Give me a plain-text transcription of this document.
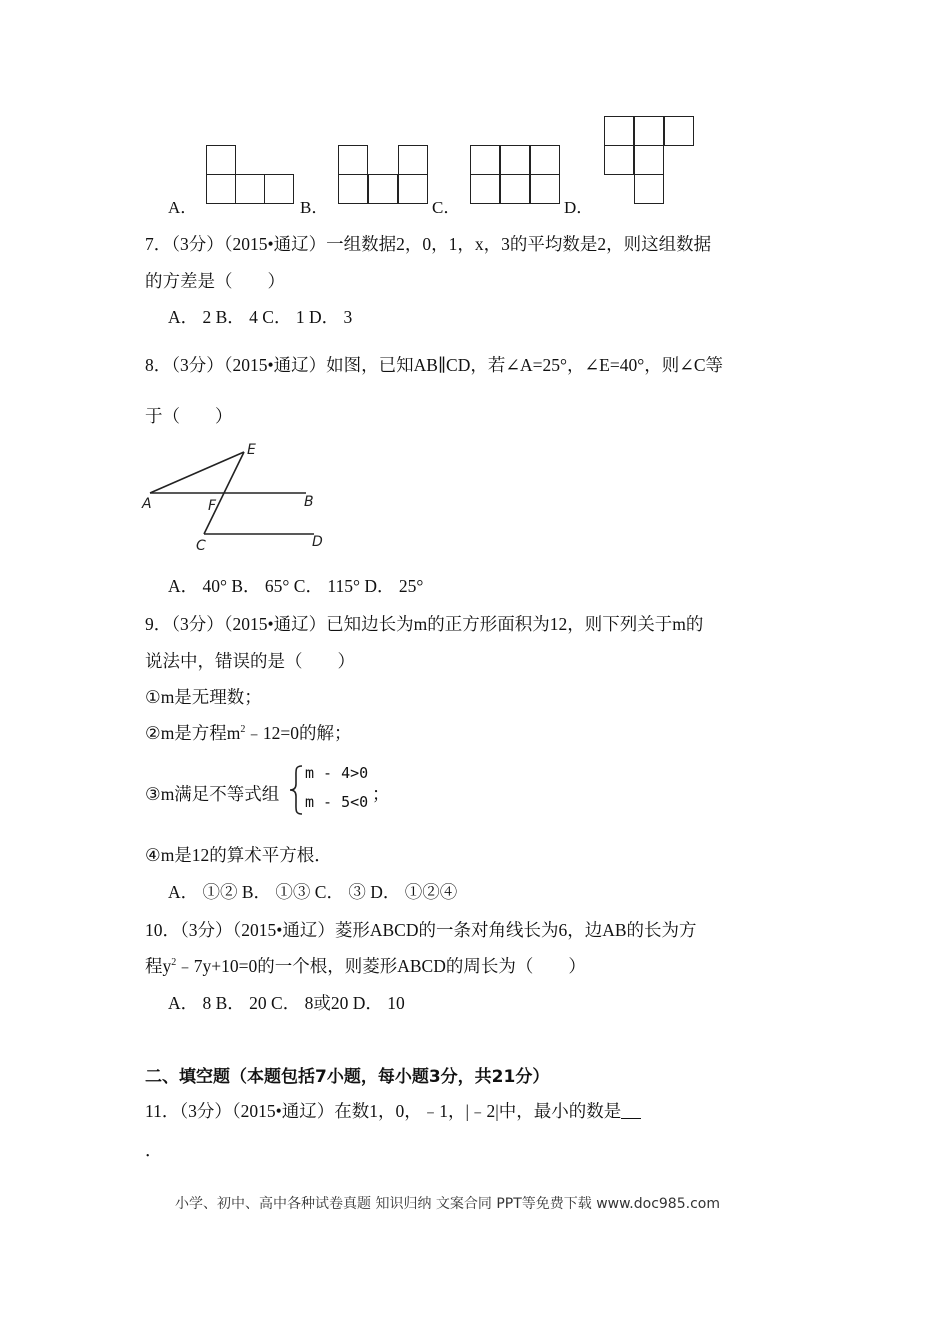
A．	B．	C．	D．
7．（3分）（2015•通辽）一组数据2，0，1，x，3的平均数是2，则这组数据
的方差是（　　）
A． 2 B． 4 C． 1 D． 3
8．（3分）（2015•通辽）如图，已知AB∥CD，若∠A=25°，∠E=40°，则∠C等
于（　　）
E
A	F	B
C	D
A． 40° B． 65° C． 115° D． 25°
9．（3分）（2015•通辽）已知边长为m的正方形面积为12，则下列关于m的
说法中，错误的是（　　）
①m是无理数；
②m是方程$m^2﹣12=0$的解；
③m满足不等式组
m - 4>0
m - 5<0 ；
④m是12的算术平方根．
A． ①② B． ①③ C． ③ D． ①②④
10．（3分）（2015•通辽）菱形ABCD的一条对角线长为6，边AB的长为方
程$y^2﹣7y+10=0$的一个根，则菱形ABCD的周长为（　　）
A． 8 B． 20 C． 8或20 D． 10
二、填空题（本题包括7小题，每小题3分，共21分）
11．（3分）（2015•通辽）在数1，0，﹣1，|﹣2|中，最小的数是
．
小学、初中、高中各种试卷真题 知识归纳 文案合同 PPT等免费下载 www.doc985.com
